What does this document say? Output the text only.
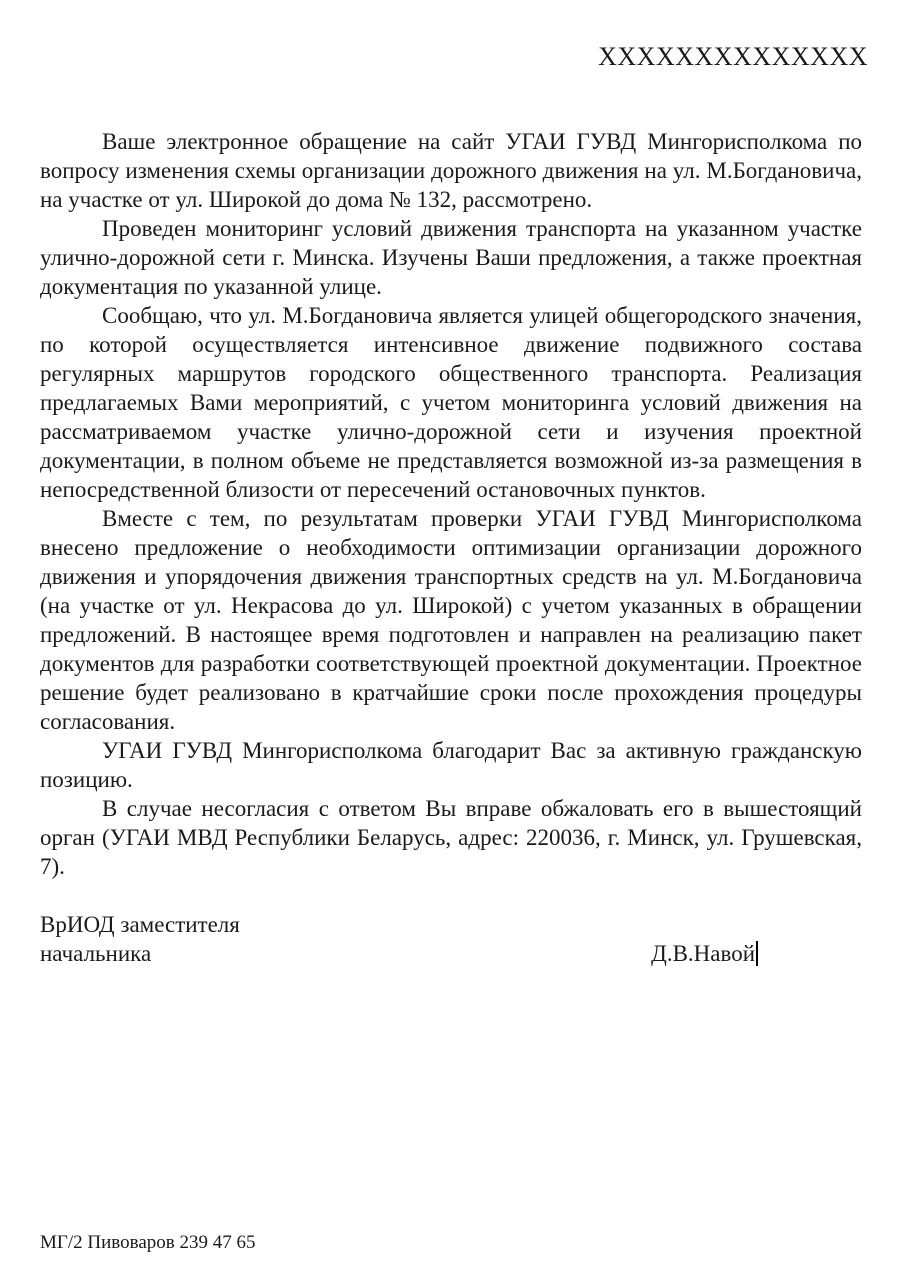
XXXXXXXXXXXXXX

Ваше электронное обращение на сайт УГАИ ГУВД Мингорисполкома по вопросу изменения схемы организации дорожного движения на ул. М.Богдановича, на участке от ул. Широкой до дома № 132, рассмотрено.

Проведен мониторинг условий движения транспорта на указанном участке улично-дорожной сети г. Минска. Изучены Ваши предложения, а также проектная документация по указанной улице.

Сообщаю, что ул. М.Богдановича является улицей общегородского значения, по которой осуществляется интенсивное движение подвижного состава регулярных маршрутов городского общественного транспорта. Реализация предлагаемых Вами мероприятий, с учетом мониторинга условий движения на рассматриваемом участке улично-дорожной сети и изучения проектной документации, в полном объеме не представляется возможной из-за размещения в непосредственной близости от пересечений остановочных пунктов.

Вместе с тем, по результатам проверки УГАИ ГУВД Мингорисполкома внесено предложение о необходимости оптимизации организации дорожного движения и упорядочения движения транспортных средств на ул. М.Богдановича (на участке от ул. Некрасова до ул. Широкой) с учетом указанных в обращении предложений. В настоящее время подготовлен и направлен на реализацию пакет документов для разработки соответствующей проектной документации. Проектное решение будет реализовано в кратчайшие сроки после прохождения процедуры согласования.

УГАИ ГУВД Мингорисполкома благодарит Вас за активную гражданскую позицию.

В случае несогласия с ответом Вы вправе обжаловать его в вышестоящий орган (УГАИ МВД Республики Беларусь, адрес: 220036, г. Минск, ул. Грушевская, 7).

ВрИОД заместителя
начальника	Д.В.Навой
МГ/2 Пивоваров 239 47 65
